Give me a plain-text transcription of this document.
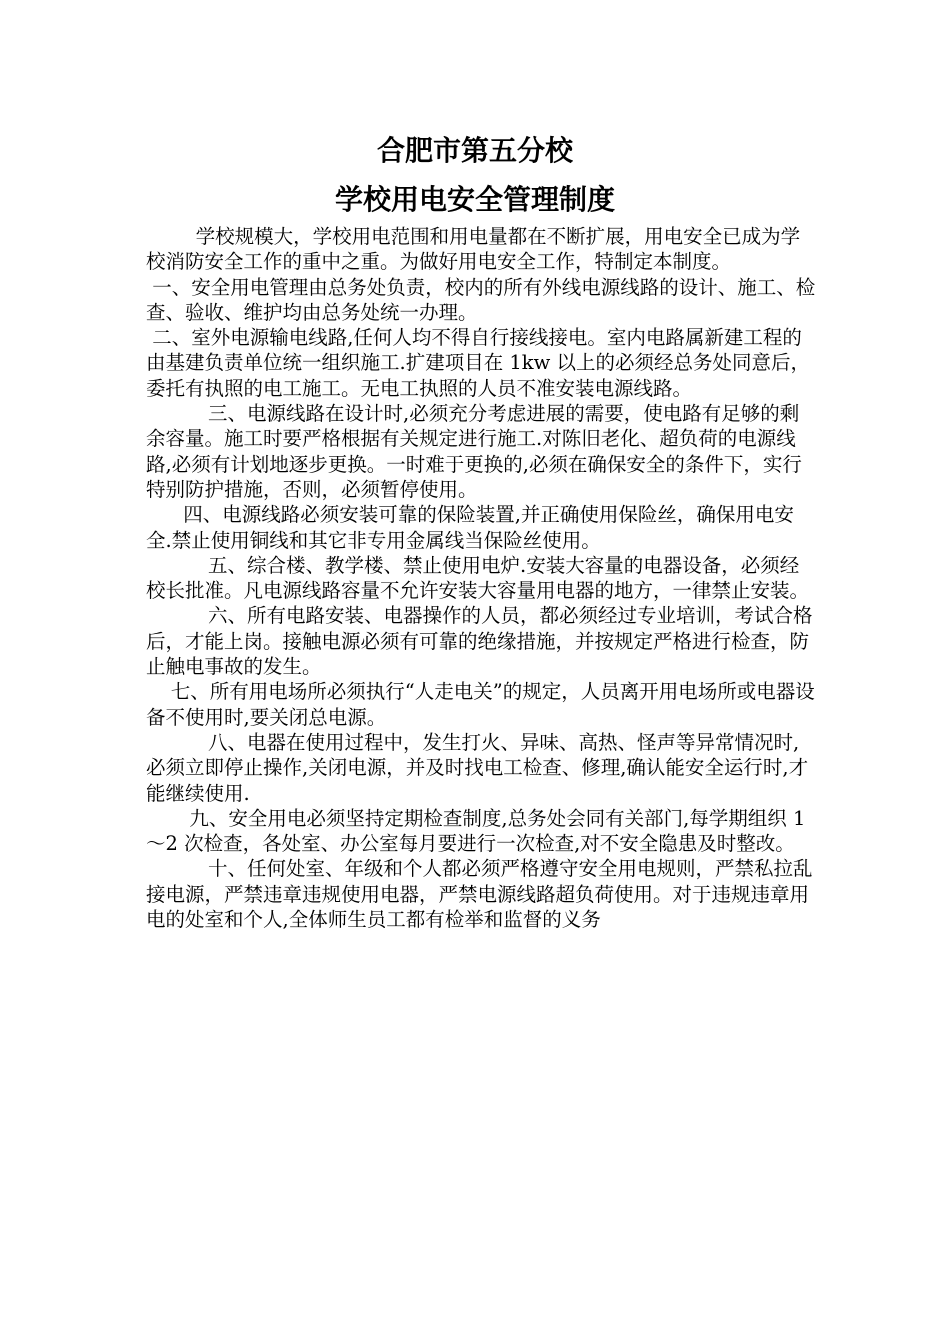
合肥市第五分校
学校用电安全管理制度

学校规模大，学校用电范围和用电量都在不断扩展，用电安全已成为学校消防安全工作的重中之重。为做好用电安全工作，特制定本制度。

一、安全用电管理由总务处负责，校内的所有外线电源线路的设计、施工、检查、验收、维护均由总务处统一办理。

二、室外电源输电线路,任何人均不得自行接线接电。室内电路属新建工程的由基建负责单位统一组织施工.扩建项目在 1kw 以上的必须经总务处同意后，委托有执照的电工施工。无电工执照的人员不准安装电源线路。

三、电源线路在设计时,必须充分考虑进展的需要，使电路有足够的剩余容量。施工时要严格根据有关规定进行施工.对陈旧老化、超负荷的电源线路,必须有计划地逐步更换。一时难于更换的,必须在确保安全的条件下，实行特别防护措施，否则，必须暂停使用。

四、电源线路必须安装可靠的保险装置,并正确使用保险丝，确保用电安全.禁止使用铜线和其它非专用金属线当保险丝使用。

五、综合楼、教学楼、禁止使用电炉.安装大容量的电器设备，必须经校长批准。凡电源线路容量不允许安装大容量用电器的地方，一律禁止安装。

六、所有电路安装、电器操作的人员，都必须经过专业培训，考试合格后，才能上岗。接触电源必须有可靠的绝缘措施，并按规定严格进行检查，防止触电事故的发生。

七、所有用电场所必须执行“人走电关”的规定，人员离开用电场所或电器设备不使用时,要关闭总电源。

八、电器在使用过程中，发生打火、异味、高热、怪声等异常情况时,必须立即停止操作,关闭电源，并及时找电工检查、修理,确认能安全运行时,才能继续使用.

九、安全用电必须坚持定期检查制度,总务处会同有关部门,每学期组织 1～2 次检查，各处室、办公室每月要进行一次检查,对不安全隐患及时整改。

十、任何处室、年级和个人都必须严格遵守安全用电规则，严禁私拉乱接电源，严禁违章违规使用电器，严禁电源线路超负荷使用。对于违规违章用电的处室和个人,全体师生员工都有检举和监督的义务
